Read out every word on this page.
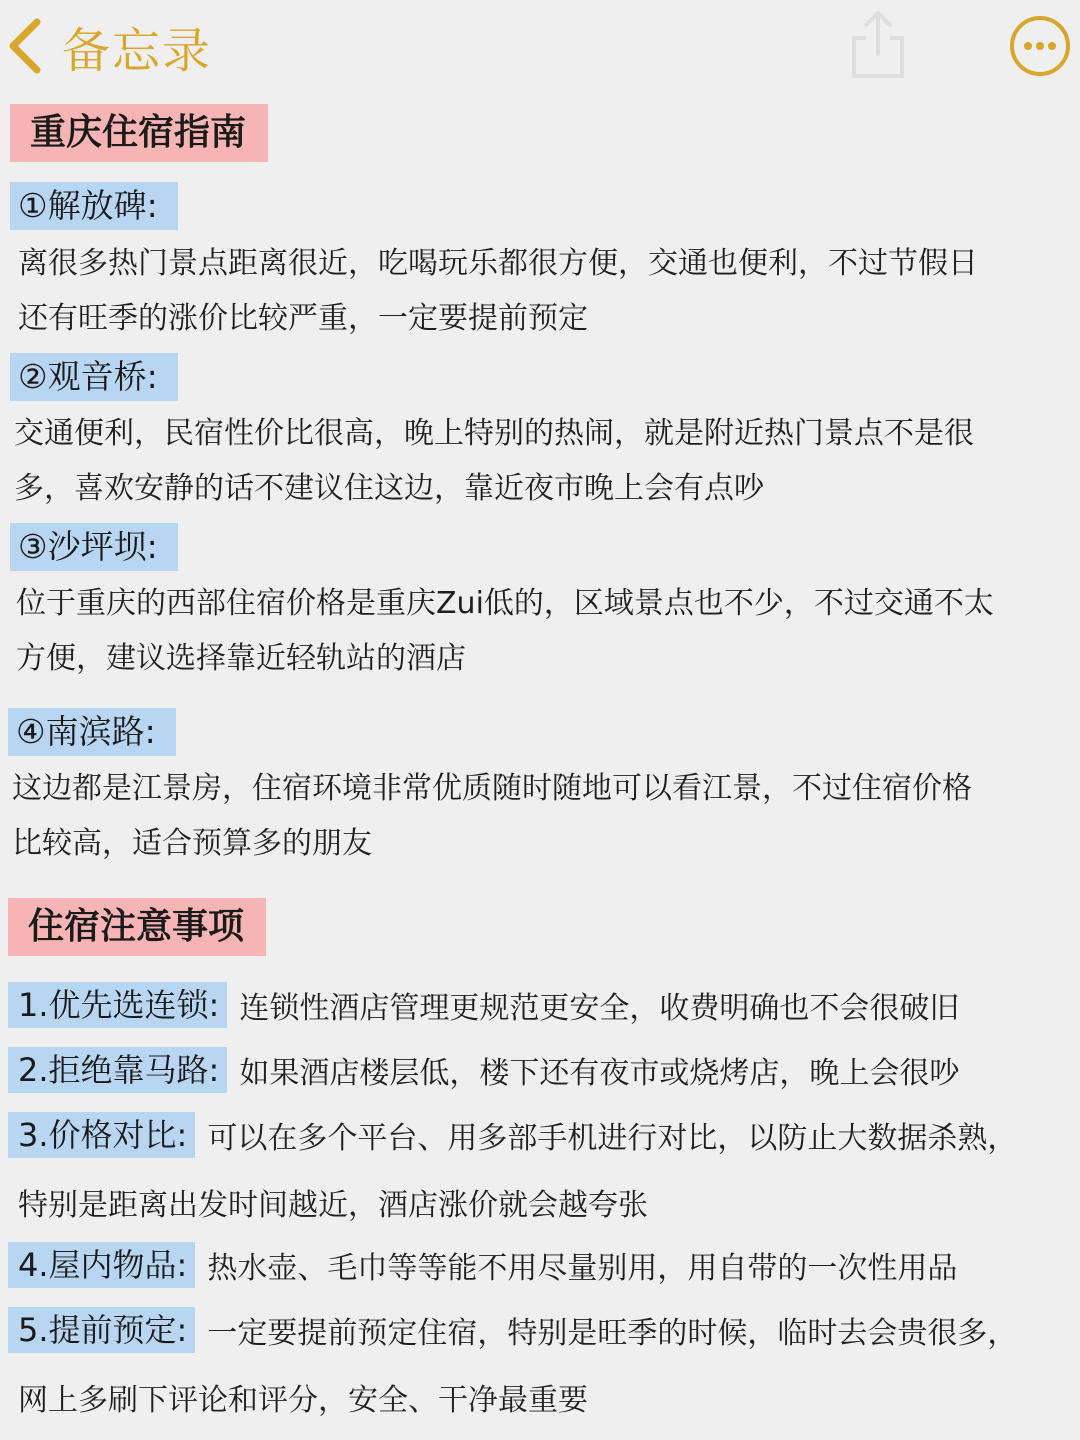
备忘录
重庆住宿指南
①解放碑:
离很多热门景点距离很近，吃喝玩乐都很方便，交通也便利，不过节假日
还有旺季的涨价比较严重，一定要提前预定
②观音桥:
交通便利，民宿性价比很高，晚上特别的热闹，就是附近热门景点不是很
多，喜欢安静的话不建议住这边，靠近夜市晚上会有点吵
③沙坪坝:
位于重庆的西部住宿价格是重庆Zui低的，区域景点也不少，不过交通不太
方便，建议选择靠近轻轨站的酒店
④南滨路:
这边都是江景房，住宿环境非常优质随时随地可以看江景，不过住宿价格
比较高，适合预算多的朋友
住宿注意事项
1.优先选连锁: 连锁性酒店管理更规范更安全，收费明确也不会很破旧
2.拒绝靠马路: 如果酒店楼层低，楼下还有夜市或烧烤店，晚上会很吵
3.价格对比: 可以在多个平台、用多部手机进行对比，以防止大数据杀熟，
特别是距离出发时间越近，酒店涨价就会越夸张
4.屋内物品: 热水壶、毛巾等等能不用尽量别用，用自带的一次性用品
5.提前预定: 一定要提前预定住宿，特别是旺季的时候，临时去会贵很多，
网上多刷下评论和评分，安全、干净最重要
